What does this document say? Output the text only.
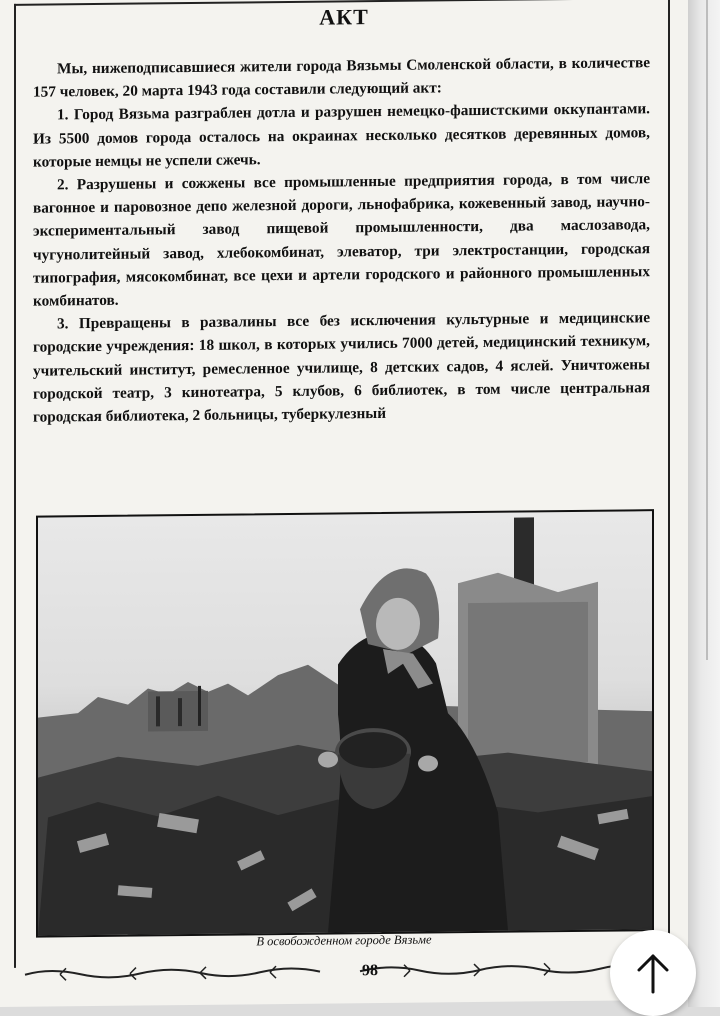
АКТ

Мы, нижеподписавшиеся жители города Вязьмы Смоленской области, в количестве 157 человек, 20 марта 1943 года составили следующий акт:

1. Город Вязьма разграблен дотла и разрушен немецко-фашистскими оккупантами. Из 5500 домов города осталось на окраинах несколько десятков деревянных домов, которые немцы не успели сжечь.

2. Разрушены и сожжены все промышленные предприятия города, в том числе вагонное и паровозное депо железной дороги, льнофабрика, кожевенный завод, научно-экспериментальный завод пищевой промышленности, два маслозавода, чугунолитейный завод, хлебокомбинат, элеватор, три электростанции, городская типография, мясокомбинат, все цехи и артели городского и районного промышленных комбинатов.

3. Превращены в развалины все без исключения культурные и медицинские городские учреждения: 18 школ, в которых учились 7000 детей, медицинский техникум, учительский институт, ремесленное училище, 8 детских садов, 4 яслей. Уничтожены городской театр, 3 кинотеатра, 5 клубов, 6 библиотек, в том числе центральная городская библиотека, 2 больницы, туберкулезный

В освобожденном городе Вязьме
98
